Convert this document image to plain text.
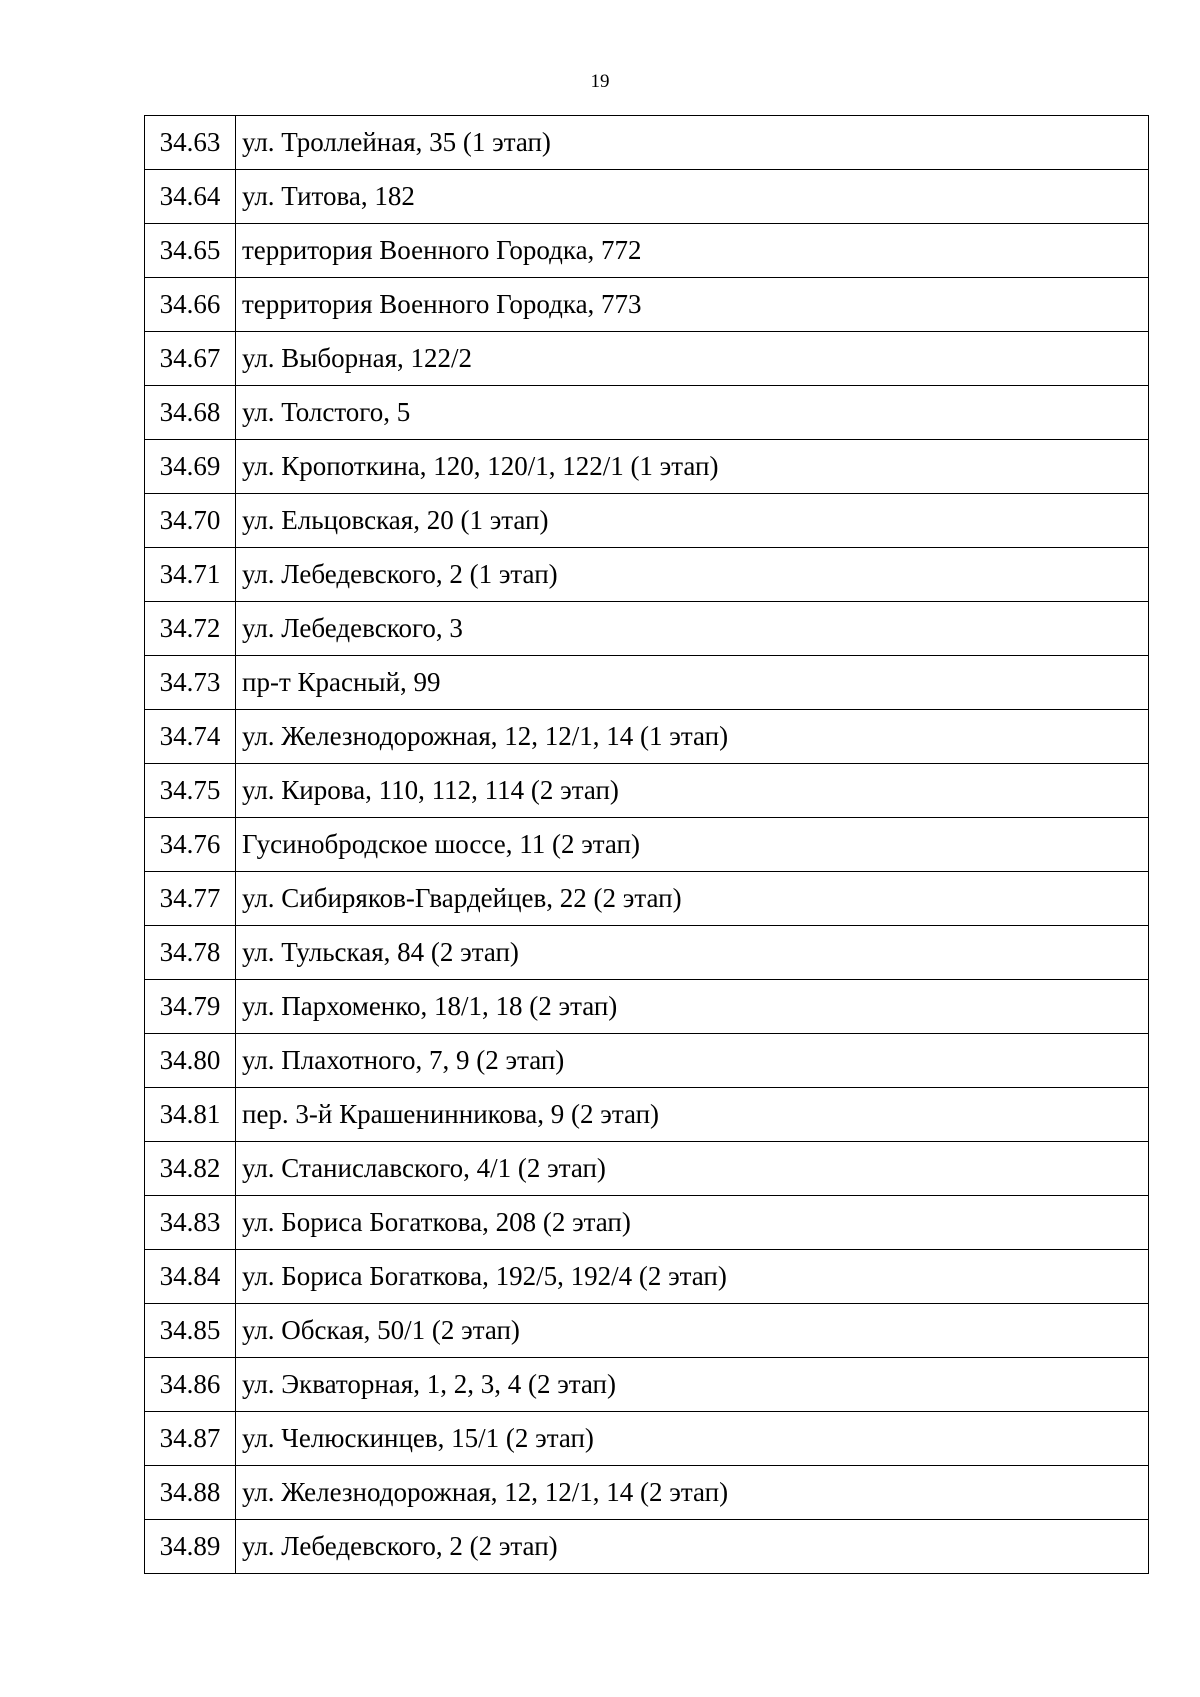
19
34.63	ул. Троллейная, 35 (1 этап)
34.64	ул. Титова, 182
34.65	территория Военного Городка, 772
34.66	территория Военного Городка, 773
34.67	ул. Выборная, 122/2
34.68	ул. Толстого, 5
34.69	ул. Кропоткина, 120, 120/1, 122/1 (1 этап)
34.70	ул. Ельцовская, 20 (1 этап)
34.71	ул. Лебедевского, 2 (1 этап)
34.72	ул. Лебедевского, 3
34.73	пр-т Красный, 99
34.74	ул. Железнодорожная, 12, 12/1, 14 (1 этап)
34.75	ул. Кирова, 110, 112, 114 (2 этап)
34.76	Гусинобродское шоссе, 11 (2 этап)
34.77	ул. Сибиряков-Гвардейцев, 22 (2 этап)
34.78	ул. Тульская, 84 (2 этап)
34.79	ул. Пархоменко, 18/1, 18 (2 этап)
34.80	ул. Плахотного, 7, 9 (2 этап)
34.81	пер. 3-й Крашенинникова, 9 (2 этап)
34.82	ул. Станиславского, 4/1 (2 этап)
34.83	ул. Бориса Богаткова, 208 (2 этап)
34.84	ул. Бориса Богаткова, 192/5, 192/4 (2 этап)
34.85	ул. Обская, 50/1 (2 этап)
34.86	ул. Экваторная, 1, 2, 3, 4 (2 этап)
34.87	ул. Челюскинцев, 15/1 (2 этап)
34.88	ул. Железнодорожная, 12, 12/1, 14 (2 этап)
34.89	ул. Лебедевского, 2 (2 этап)
